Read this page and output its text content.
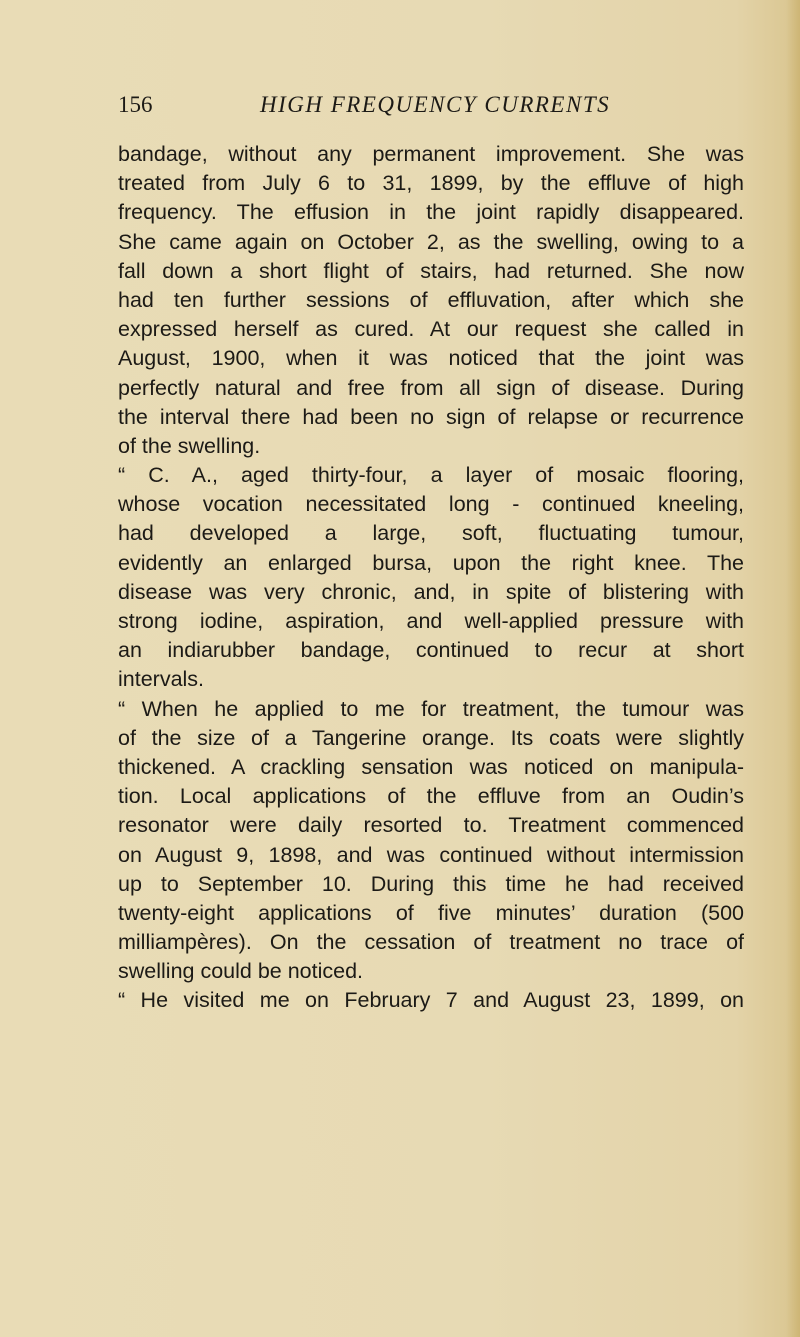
156	HIGH FREQUENCY CURRENTS
bandage, without any permanent improvement. She was
treated from July 6 to 31, 1899, by the effluve of high
frequency. The effusion in the joint rapidly disappeared.
She came again on October 2, as the swelling, owing to a
fall down a short flight of stairs, had returned. She now
had ten further sessions of effluvation, after which she
expressed herself as cured. At our request she called in
August, 1900, when it was noticed that the joint was
perfectly natural and free from all sign of disease. During
the interval there had been no sign of relapse or recurrence
of the swelling.
“ C. A., aged thirty-four, a layer of mosaic flooring,
whose vocation necessitated long - continued kneeling,
had developed a large, soft, fluctuating tumour,
evidently an enlarged bursa, upon the right knee. The
disease was very chronic, and, in spite of blistering with
strong iodine, aspiration, and well-applied pressure with
an indiarubber bandage, continued to recur at short
intervals.
“ When he applied to me for treatment, the tumour was
of the size of a Tangerine orange. Its coats were slightly
thickened. A crackling sensation was noticed on manipula-
tion. Local applications of the effluve from an Oudin’s
resonator were daily resorted to. Treatment commenced
on August 9, 1898, and was continued without intermission
up to September 10. During this time he had received
twenty-eight applications of five minutes’ duration (500
milliampères). On the cessation of treatment no trace of
swelling could be noticed.
“ He visited me on February 7 and August 23, 1899, on
